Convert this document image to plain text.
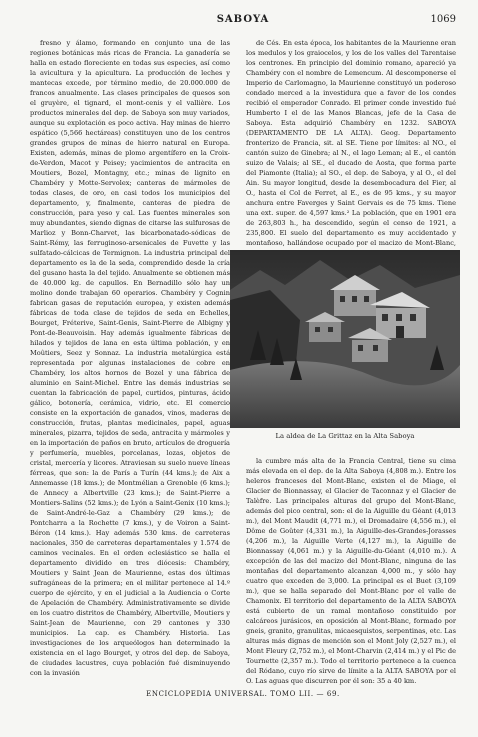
SABOYA	1069

fresno y álamo, formando en conjunto una de las regiones botánicas más ricas de Francia. La ganadería se halla en estado floreciente en todas sus especies, así como la avicultura y la apicultura. La producción de leches y mantecas excede, por término medio, de 20.000.000 de francos anualmente. Las clases principales de quesos son el gruyère, el tignard, el mont-cenis y el vallière. Los productos minerales del dep. de Saboya son muy variados, aunque su explotación es poco activa. Hay minas de hierro espático (5,566 hectáreas) constituyen uno de los centros grandes grupos de minas de hierro natural en Europa. Existen, además, minas de plomo argentífero en la Croix-de-Verdon, Macot y Peisey; yacimientos de antracita en Moutiers, Bozel, Montagny, etc.; minas de lignito en Chambéry y Motte-Servolex; canteras de mármoles de todas clases, de oro, en casi todos los municipios del departamento, y, finalmente, canteras de piedra de construcción, para yeso y cal. Las fuentes minerales son muy abundantes, siendo dignas de citarse las sulfurosas de Marlioz y Bonn-Charvet, las bicarbonatado-sódicas de Saint-Rémy, las ferruginoso-arsenicales de Fuvette y las sulfatado-cálcicas de Termignon. La industria principal del departamento es la de la seda, comprendido desde la cría del gusano hasta la del tejido. Anualmente se obtienen más de 40.000 kg. de capullos. En Bernadillo sólo hay un molino donde trabajan 60 operarios. Chambéry y Cognin fabrican gasas de reputación europea, y existen además fábricas de toda clase de tejidos de seda en Echelles, Bourget, Fréterive, Saint-Genis, Saint-Pierre de Albigny y Pont-de-Beauvoisin. Hay además igualmente fábricas de hilados y tejidos de lana en esta última población, y en Moûtiers, Seez y Sonnaz. La industria metalúrgica está representada por algunas instalaciones de cobre en Chambéry, los altos hornos de Bozel y una fábrica de aluminio en Saint-Michel. Entre las demás industrias se cuentan la fabricación de papel, curtidos, pinturas, ácido gálico, botonería, cerámica, vidrio, etc. El comercio consiste en la exportación de ganados, vinos, maderas de construcción, frutas, plantas medicinales, papel, aguas minerales, pizarra, tejidos de seda, antracita y mármoles y en la importación de paños en bruto, artículos de droguería y perfumería, muebles, porcelanas, lozas, objetos de cristal, mercería y licores. Atraviesan su suelo nueve líneas férreas, que son: la de París a Turín (44 kms.); de Aix a Annemasse (18 kms.); de Montmélian a Grenoble (6 kms.); de Annecy a Albertville (23 kms.); de Saint-Pierre a Montiers-Salins (52 kms.); de Lyón a Saint-Genix (10 kms.); de Saint-André-le-Gaz a Chambéry (29 kms.); de Pontcharra a la Rochette (7 kms.), y de Voiron a Saint-Béron (14 kms.). Hay además 530 kms. de carreteras nacionales, 350 de carreteras departamentales y 1.574 de caminos vecinales. En el orden eclesiástico se halla el departamento dividido en tres diócesis: Chambéry, Moutiers y Saint Jean de Maurienne, estas dos últimas sufragáneas de la primera; en el militar pertenece al 14.º cuerpo de ejército, y en el judicial a la Audiencia o Corte de Apelación de Chambéry. Administrativamente se divide en los cuatro distritos de Chambéry, Albertville, Moutiers y Saint-Jean de Maurienne, con 29 cantones y 330 municipios. La cap. es Chambéry. Historia. Las investigaciones de los arqueólogos han determinado la existencia en el lago Bourget, y otros del dep. de Saboya, de ciudades lacustres, cuya población fué disminuyendo con la invasión

de Cés. En esta época, los habitantes de la Maurienne eran los medulos y los graiocelos, y los de los valles del Tarentaise los centrones. En principio del dominio romano, apareció ya Chambéry con el nombre de Lemencum. Al descomponerse el Imperio de Carlomagno, la Maurienne constituyó un poderoso condado merced a la investidura que a favor de los condes recibió el emperador Conrado. El primer conde investido fué Humberto I el de las Manos Blancas, jefe de la Casa de Saboya. Esta adquirió Chambéry en 1232. SABOYA (DEPARTAMENTO DE LA ALTA). Geog. Departamento fronterizo de Francia, sit. al SE. Tiene por límites: al NO., el cantón suizo de Ginebra; al N., el lago Leman; al E., el cantón suizo de Valais; al SE., el ducado de Aosta, que forma parte del Piamonte (Italia); al SO., el dep. de Saboya, y al O., el del Ain. Su mayor longitud, desde la desembocadura del Fier, al O., hasta el Col de Ferret, al E., es de 95 kms., y su mayor anchura entre Faverges y Saint Gervais es de 75 kms. Tiene una ext. super. de 4,597 kms.² La población, que en 1901 era de 263,803 h., ha descendido, según el censo de 1921, a 235,800. El suelo del departamento es muy accidentado y montañoso, hallándose ocupado por el macizo de Mont-Blanc,

La aldea de La Grittaz en la Alta Saboya

la cumbre más alta de la Francia Central, tiene su cima más elevada en el dep. de la Alta Saboya (4,808 m.). Entre los heleros franceses del Mont-Blanc, existen el de Miage, el Glacier de Bionnassay, el Glacier de Taconnaz y el Glacier de Talèfre. Las principales alturas del grupo del Mont-Blanc, además del pico central, son: el de la Aiguille du Géant (4,013 m.), del Mont Maudit (4,771 m.), el Dromadaire (4,556 m.), el Dôme de Goûter (4,331 m.), la Aiguille-des-Grandes-Jorasses (4,206 m.), la Aiguille Verte (4,127 m.), la Aiguille de Bionnassay (4,061 m.) y la Aiguille-du-Géant (4,010 m.). A excepción de las del macizo del Mont-Blanc, ninguna de las montañas del departamento alcanzan 4,000 m., y sólo hay cuatro que exceden de 3,000. La principal es el Buet (3,109 m.), que se halla separado del Mont-Blanc por el valle de Chamonix. El territorio del departamento de la ALTA SABOYA está cubierto de un ramal montañoso constituido por calcáreos jurásicos, en oposición al Mont-Blanc, formado por gneis, granito, granulitas, micaesquistos, serpentinas, etc. Las alturas más dignas de mención son el Mont Joly (2,527 m.), el Mont Fleury (2,752 m.), el Mont-Charvin (2,414 m.) y el Pic de Tournette (2,357 m.). Todo el territorio pertenece a la cuenca del Ródano, cuyo río sirve de límite a la ALTA SABOYA por el O. Las aguas que discurren por él son: 35 a 40 km.

ENCICLOPEDIA UNIVERSAL. TOMO LII. — 69.
